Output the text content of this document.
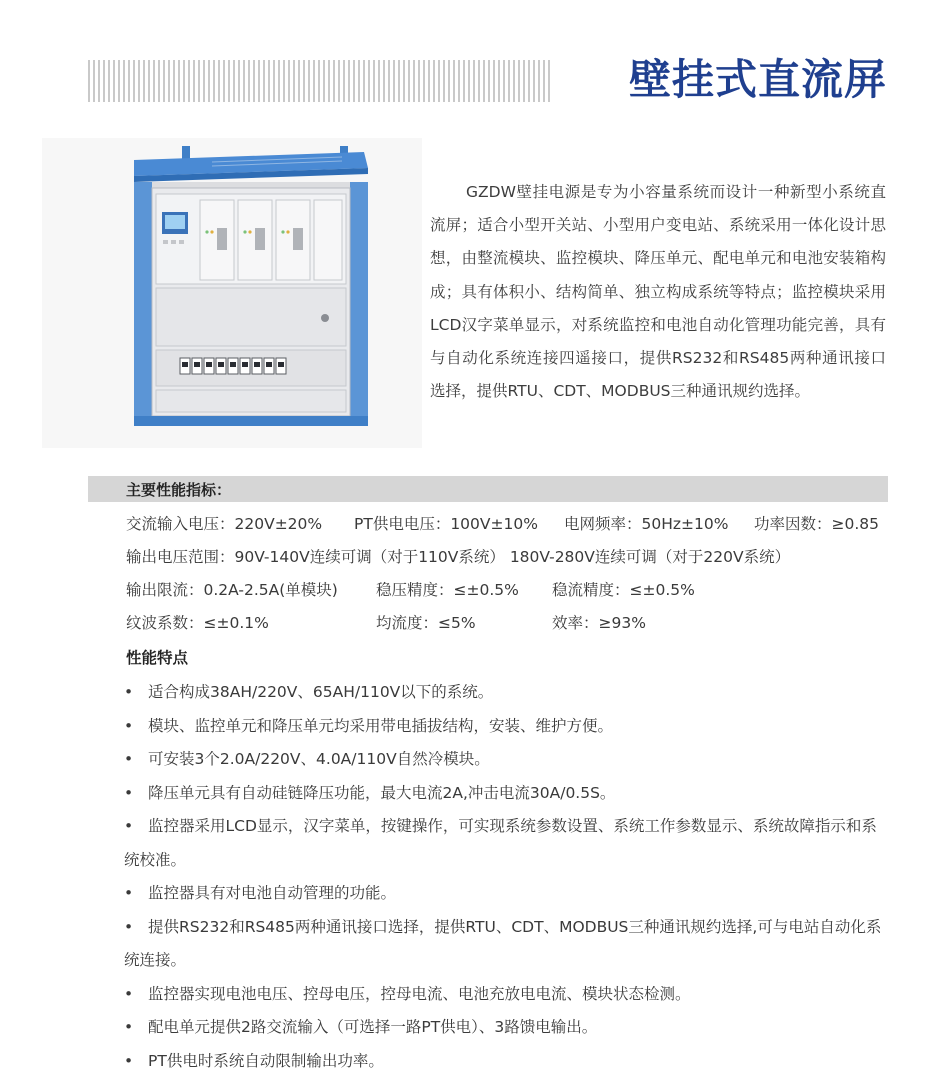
壁挂式直流屏

GZDW壁挂电源是专为小容量系统而设计一种新型小系统直流屏；适合小型开关站、小型用户变电站、系统采用一体化设计思想，由整流模块、监控模块、降压单元、配电单元和电池安装箱构成；具有体积小、结构简单、独立构成系统等特点；监控模块采用LCD汉字菜单显示，对系统监控和电池自动化管理功能完善，具有与自动化系统连接四遥接口，提供RS232和RS485两种通讯接口选择，提供RTU、CDT、MODBUS三种通讯规约选择。

主要性能指标：
交流输入电压：220V±20% PT供电电压：100V±10% 电网频率：50Hz±10% 功率因数：≥0.85
输出电压范围：90V-140V连续可调（对于110V系统） 180V-280V连续可调（对于220V系统）
输出限流：0.2A-2.5A(单模块) 稳压精度：≤±0.5% 稳流精度：≤±0.5%
纹波系数：≤±0.1%	均流度：≤5%	效率：≥93%
性能特点
• 适合构成38AH/220V、65AH/110V以下的系统。
• 模块、监控单元和降压单元均采用带电插拔结构，安装、维护方便。
• 可安装3个2.0A/220V、4.0A/110V自然冷模块。
• 降压单元具有自动硅链降压功能，最大电流2A,冲击电流30A/0.5S。
• 监控器采用LCD显示，汉字菜单，按键操作，可实现系统参数设置、系统工作参数显示、系统故障指示和系统校准。
• 监控器具有对电池自动管理的功能。
• 提供RS232和RS485两种通讯接口选择，提供RTU、CDT、MODBUS三种通讯规约选择,可与电站自动化系统连接。
• 监控器实现电池电压、控母电压，控母电流、电池充放电电流、模块状态检测。
• 配电单元提供2路交流输入（可选择一路PT供电）、3路馈电输出。
• PT供电时系统自动限制输出功率。
